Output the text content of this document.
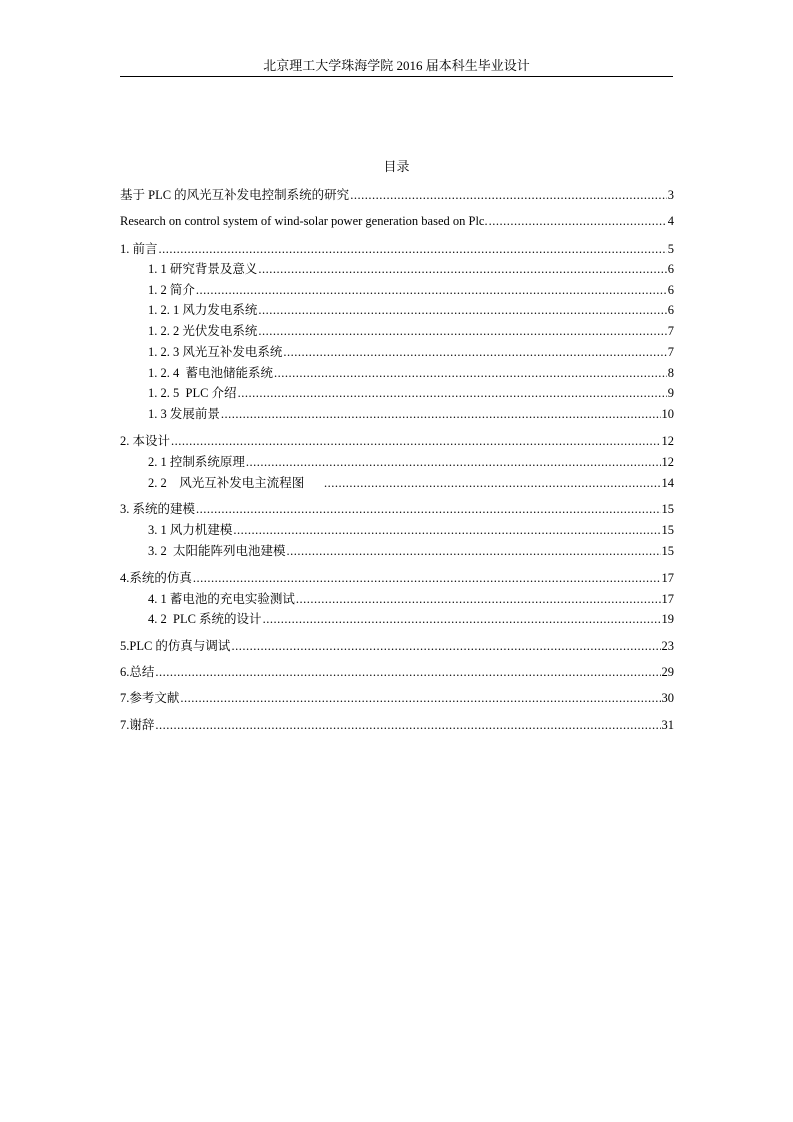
北京理工大学珠海学院 2016 届本科生毕业设计
目录
基于 PLC 的风光互补发电控制系统的研究 .....	3
Research on control system of wind-solar power generation based on Plc. .....	4
1. 前言 .....	5
1. 1 研究背景及意义 .....	6
1. 2 简介 .....	6
1. 2. 1 风力发电系统 .....	6
1. 2. 2 光伏发电系统 .....	7
1. 2. 3 风光互补发电系统 .....	7
1. 2. 4  蓄电池储能系统 .....	8
1. 2. 5  PLC 介绍 .....	9
1. 3 发展前景 .....	10
2. 本设计 .....	12
2. 1 控制系统原理 .....	12
2. 2    风光互补发电主流程图 .....	14
3. 系统的建模 .....	15
3. 1 风力机建模 .....	15
3. 2  太阳能阵列电池建模 .....	15
4.系统的仿真 .....	17
4. 1 蓄电池的充电实验测试 .....	17
4. 2  PLC 系统的设计 .....	19
5.PLC 的仿真与调试 .....	23
6.总结 .....	29
7.参考文献 .....	30
7.谢辞 .....	31
